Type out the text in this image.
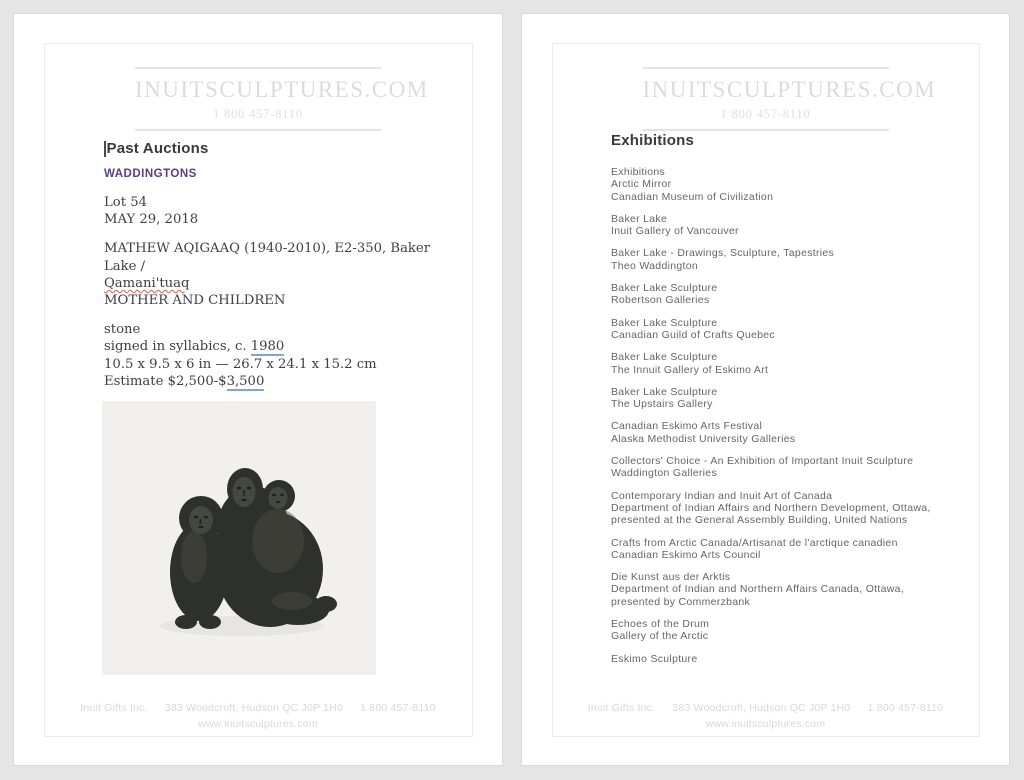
INUITSCULPTURES.COM
1 800 457-8110
Past Auctions
WADDINGTONS
Lot 54
MAY 29, 2018
MATHEW AQIGAAQ (1940-2010), E2-350, Baker Lake /
Qamani'tuaq
MOTHER AND CHILDREN
stone
signed in syllabics, c. 1980
10.5 x 9.5 x 6 in — 26.7 x 24.1 x 15.2 cm
Estimate $2,500-$3,500
Inuit Gifts Inc. 383 Woodcroft, Hudson QC J0P 1H0 1 800 457-8110
www.inuitsculptures.com
INUITSCULPTURES.COM
1 800 457-8110
Exhibitions
Exhibitions
Arctic Mirror
Canadian Museum of Civilization
Baker Lake
Inuit Gallery of Vancouver
Baker Lake - Drawings, Sculpture, Tapestries
Theo Waddington
Baker Lake Sculpture
Robertson Galleries
Baker Lake Sculpture
Canadian Guild of Crafts Quebec
Baker Lake Sculpture
The Innuit Gallery of Eskimo Art
Baker Lake Sculpture
The Upstairs Gallery
Canadian Eskimo Arts Festival
Alaska Methodist University Galleries
Collectors' Choice - An Exhibition of Important Inuit Sculpture
Waddington Galleries
Contemporary Indian and Inuit Art of Canada
Department of Indian Affairs and Northern Development, Ottawa,
presented at the General Assembly Building, United Nations
Crafts from Arctic Canada/Artisanat de l'arctique canadien
Canadian Eskimo Arts Council
Die Kunst aus der Arktis
Department of Indian and Northern Affairs Canada, Ottawa,
presented by Commerzbank
Echoes of the Drum
Gallery of the Arctic
Eskimo Sculpture
Inuit Gifts Inc. 383 Woodcroft, Hudson QC J0P 1H0 1 800 457-8110
www.inuitsculptures.com
